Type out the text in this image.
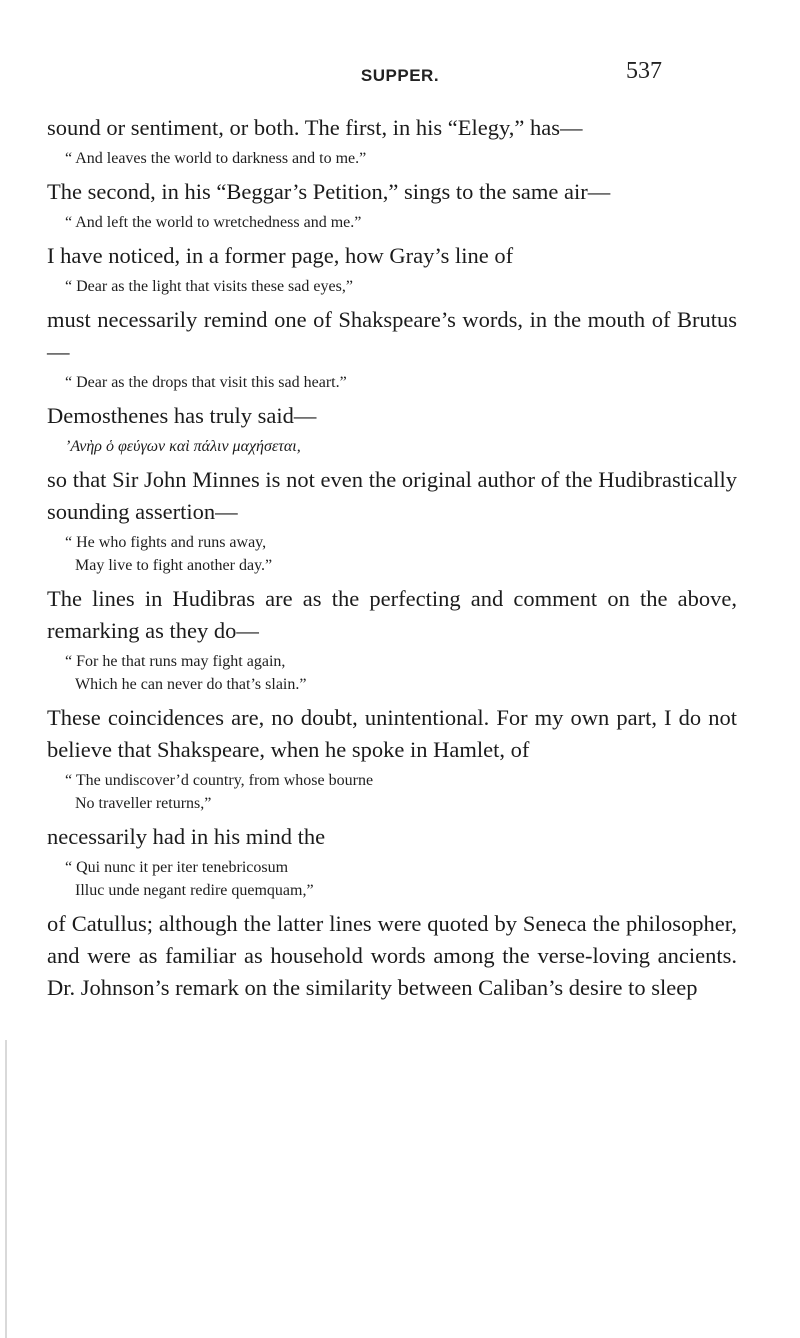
SUPPER.	537

sound or sentiment, or both. The first, in his “Elegy,” has—

“ And leaves the world to darkness and to me.”

The second, in his “Beggar’s Petition,” sings to the same air—

“ And left the world to wretchedness and me.”

I have noticed, in a former page, how Gray’s line of

“ Dear as the light that visits these sad eyes,”

must necessarily remind one of Shakspeare’s words, in the mouth of Brutus—

“ Dear as the drops that visit this sad heart.”

Demosthenes has truly said—

’Ανὴρ ὁ φεύγων καὶ πάλιν μαχήσεται,

so that Sir John Minnes is not even the original author of the Hudibrastically sounding assertion—

“ He who fights and runs away,
May live to fight another day.”

The lines in Hudibras are as the perfecting and comment on the above, remarking as they do—

“ For he that runs may fight again,
Which he can never do that’s slain.”

These coincidences are, no doubt, unintentional. For my own part, I do not believe that Shakspeare, when he spoke in Hamlet, of

“ The undiscover’d country, from whose bourne
No traveller returns,”

necessarily had in his mind the

“ Qui nunc it per iter tenebricosum
Illuc unde negant redire quemquam,”

of Catullus; although the latter lines were quoted by Seneca the philosopher, and were as familiar as household words among the verse-loving ancients. Dr. Johnson’s remark on the similarity between Caliban’s desire to sleep
